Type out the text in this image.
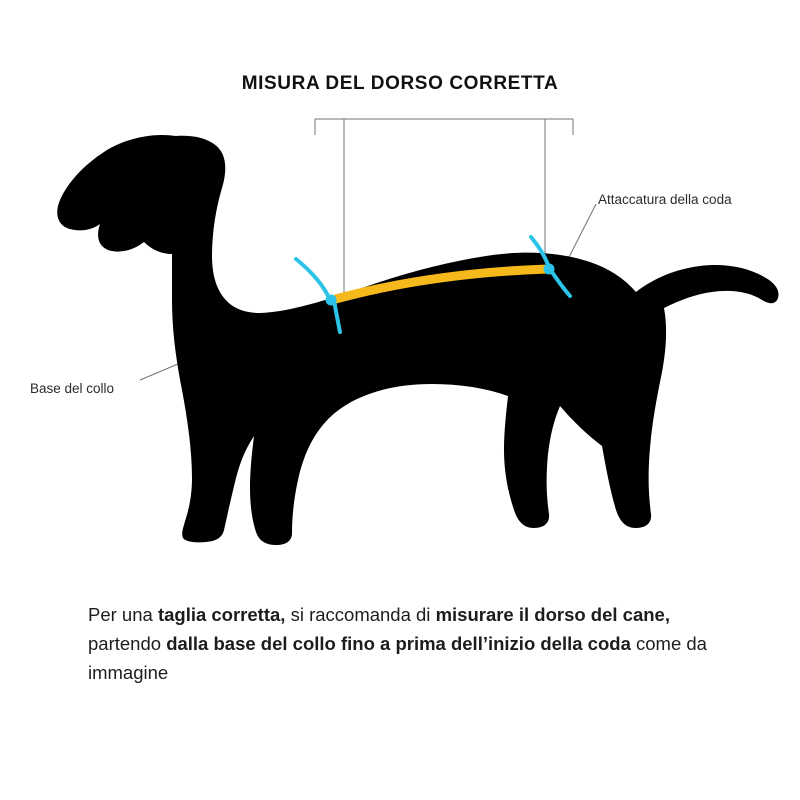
MISURA DEL DORSO CORRETTA
Base del collo
Attaccatura della coda
Per una taglia corretta, si raccomanda di misurare il dorso del cane, partendo dalla base del collo fino a prima dell’inizio della coda come da immagine
